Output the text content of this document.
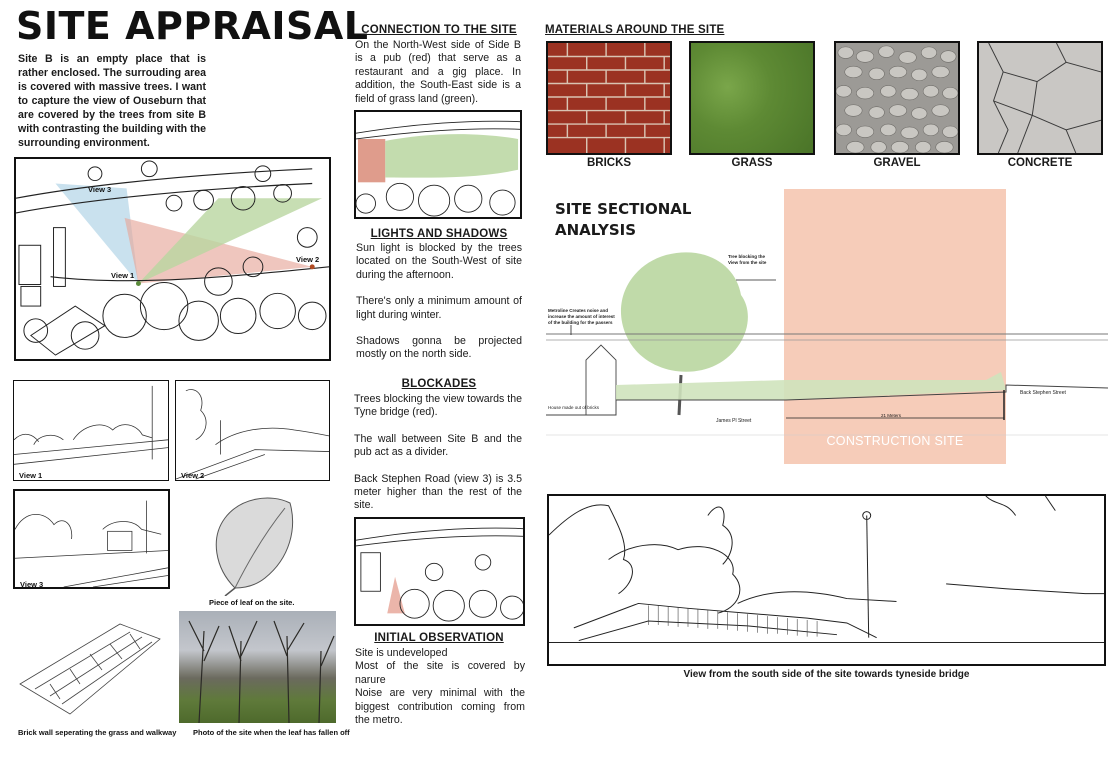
SITE APPRAISAL
Site B is an empty place that is rather enclosed. The surrouding area is covered with massive trees. I want to capture the view of Ouseburn that are covered by the trees from site B with contrasting the building with the surrounding environment.
View 3
View 1
View 2
View 1	View 2
View 3
Piece of leaf on the site.
Brick wall seperating the grass and walkway Photo of the site when the leaf has fallen off
CONNECTION TO THE SITE
On the North-West side of Side B is a pub (red) that serve as a restaurant and a gig place. In addition, the South-East side is a field of grass land (green).
LIGHTS AND SHADOWS

Sun light is blocked by the trees located on the South-West of site during the afternoon.

There's only a minimum amount of light during winter.

Shadows gonna be projected mostly on the north side.

BLOCKADES

Trees blocking the view towards the Tyne bridge (red).

The wall between Site B and the pub act as a divider.

Back Stephen Road (view 3) is 3.5 meter higher than the rest of the site.

INITIAL OBSERVATION
Site is undeveloped
Most of the site is covered by narure
Noise are very minimal with the biggest contribution coming from the metro.
MATERIALS AROUND THE SITE
BRICKS	GRASS	GRAVEL	CONCRETE
SITE SECTIONAL
ANALYSIS
Tree blocking the View from the site
Metroline Creates noise and increase the amount of interest of the building for the passers
House made out of bricks
James Pl Street
Back Stephen Street
21 Meters
CONSTRUCTION SITE
View from the south side of the site towards tyneside bridge
